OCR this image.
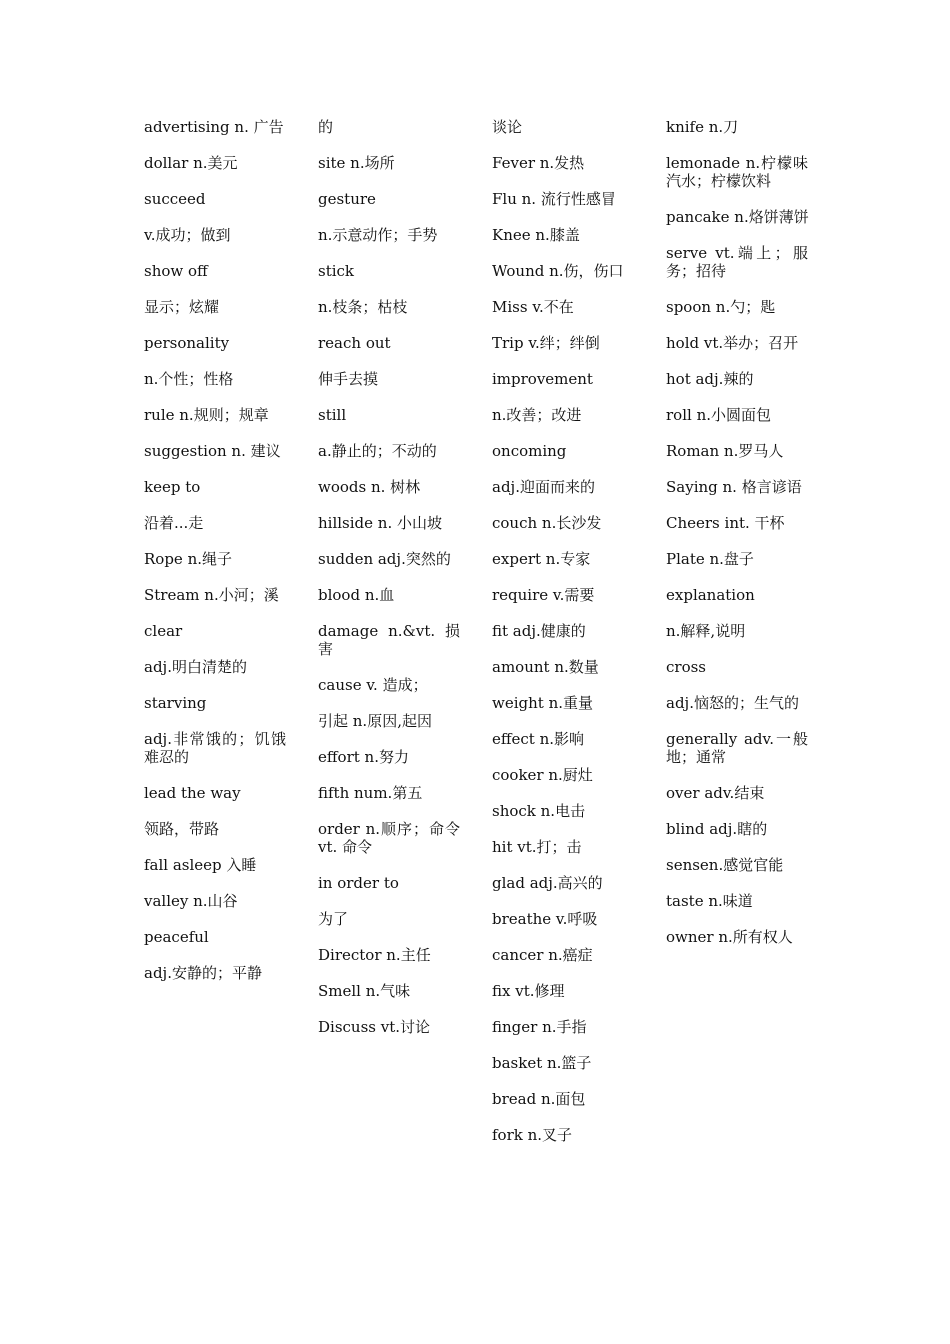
advertising n. 广告
dollar n.美元
succeed
v.成功；做到
show off
显示；炫耀
personality
n.个性；性格
rule n.规则；规章
suggestion n. 建议
keep to
沿着...走
Rope n.绳子
Stream n.小河；溪
clear
adj.明白清楚的
starving
adj.非常饿的；饥饿难忍的
lead the way
领路，带路
fall asleep 入睡
valley n.山谷
peaceful
adj.安静的；平静
的
site n.场所
gesture
n.示意动作；手势
stick
n.枝条；枯枝
reach out
伸手去摸
still
a.静止的；不动的
woods n. 树林
hillside n. 小山坡
sudden adj.突然的
blood n.血
damage n.&vt. 损害
cause v. 造成；
引起 n.原因,起因
effort n.努力
fifth num.第五
order n.顺序；命令 vt. 命令
in order to
为了
Director n.主任
Smell n.气味
Discuss vt.讨论
谈论
Fever n.发热
Flu n. 流行性感冒
Knee n.膝盖
Wound n.伤，伤口
Miss v.不在
Trip v.绊；绊倒
improvement
n.改善；改进
oncoming
adj.迎面而来的
couch n.长沙发
expert n.专家
require v.需要
fit adj.健康的
amount n.数量
weight n.重量
effect n.影响
cooker n.厨灶
shock n.电击
hit vt.打；击
glad adj.高兴的
breathe v.呼吸
cancer n.癌症
fix vt.修理
finger n.手指
basket n.篮子
bread n.面包
fork n.叉子
knife n.刀
lemonade n.柠檬味汽水；柠檬饮料
pancake n.烙饼薄饼
serve vt.端上；服务；招待
spoon n.勺；匙
hold vt.举办；召开
hot adj.辣的
roll n.小圆面包
Roman n.罗马人
Saying n. 格言谚语
Cheers int. 干杯
Plate n.盘子
explanation
n.解释,说明
cross
adj.恼怒的；生气的
generally adv.一般地；通常
over adv.结束
blind adj.瞎的
sensen.感觉官能
taste n.味道
owner n.所有权人
